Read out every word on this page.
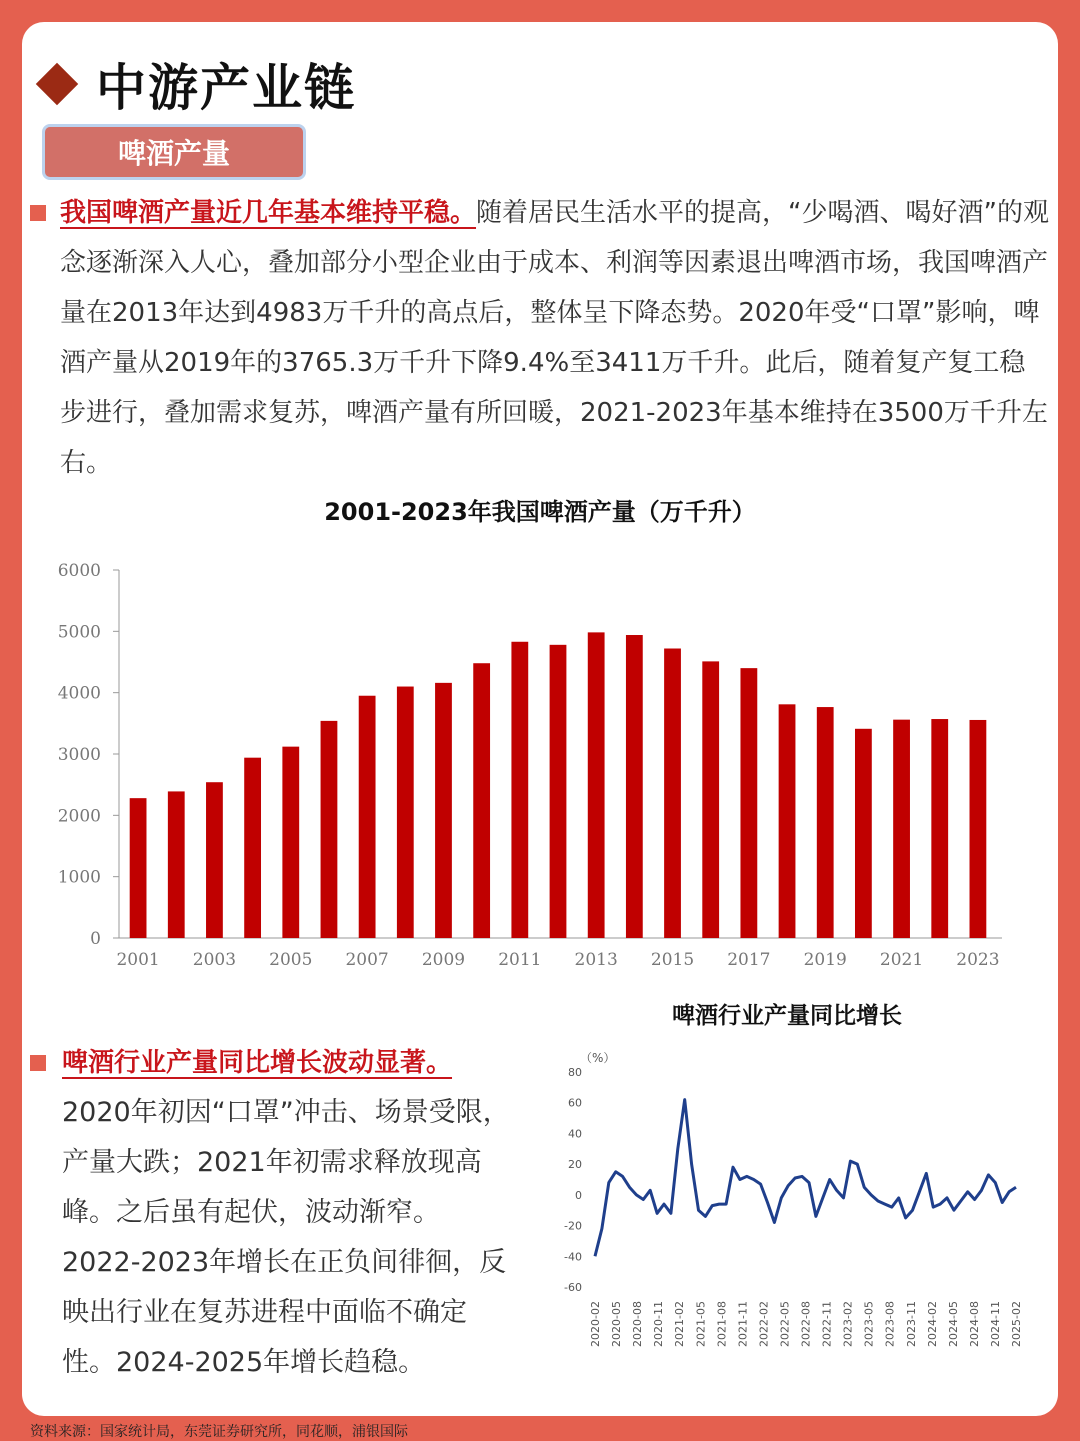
中游产业链
啤酒产量
我国啤酒产量近几年基本维持平稳。随着居民生活水平的提高，“少喝酒、喝好酒”的观念逐渐深入人心，叠加部分小型企业由于成本、利润等因素退出啤酒市场，我国啤酒产量在2013年达到4983万千升的高点后，整体呈下降态势。2020年受“口罩”影响，啤酒产量从2019年的3765.3万千升下降9.4%至3411万千升。此后，随着复产复工稳步进行，叠加需求复苏，啤酒产量有所回暖，2021-2023年基本维持在3500万千升左右。
2001-2023年我国啤酒产量（万千升）
0
1000
2000
3000
4000
5000
6000
2001 2003 2005 2007 2009 2011 2013 2015 2017 2019 2021 2023
啤酒行业产量同比增长
啤酒行业产量同比增长波动显著。
2020年初因“口罩”冲击、场景受限，产量大跌；2021年初需求释放现高峰。之后虽有起伏，波动渐窄。2022-2023年增长在正负间徘徊，反映出行业在复苏进程中面临不确定性。2024-2025年增长趋稳。
（%）
-60
-40
-20
0
20
40
60
80
2020-02 2020-05 2020-08 2020-11 2021-02 2021-05 2021-08 2021-11 2022-02 2022-05 2022-08 2022-11 2023-02 2023-05 2023-08 2023-11 2024-02 2024-05 2024-08 2024-11 2025-02
资料来源：国家统计局，东莞证券研究所，同花顺，浦银国际
